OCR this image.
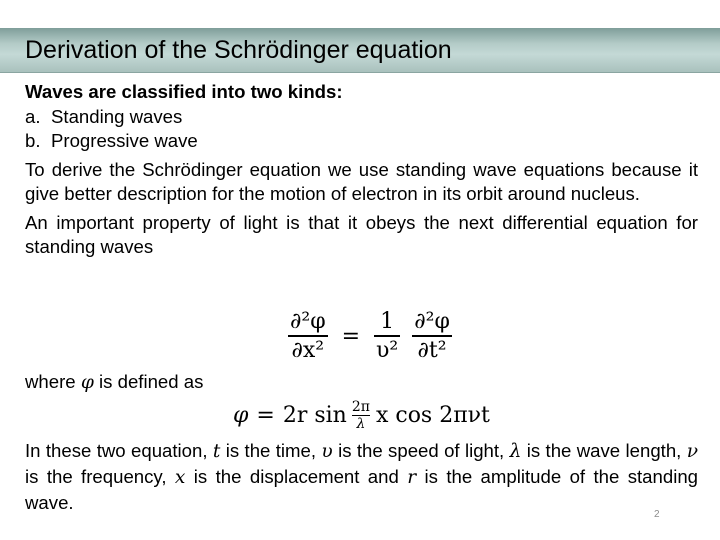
Derivation of the Schrödinger equation

Waves are classified into two kinds:

a. Standing waves
b. Progressive wave

To derive the Schrödinger equation we use standing wave equations because it give better description for the motion of electron in its orbit around nucleus.

An important property of light is that it obeys the next differential equation for standing waves

$\frac{\text{∂²φ}}{\text{∂x²}} = \frac{1}{\text{υ²}} \frac{\text{∂²φ}}{\text{∂t²}}$
where φ is defined as
φ = 2r $\sin \frac{2\pi}{\lambda}$ x cos 2πνt
In these two equation, t is the time, υ is the speed of light, λ is the wave length, ν is the frequency, x is the displacement and r is the amplitude of the standing wave.
2
